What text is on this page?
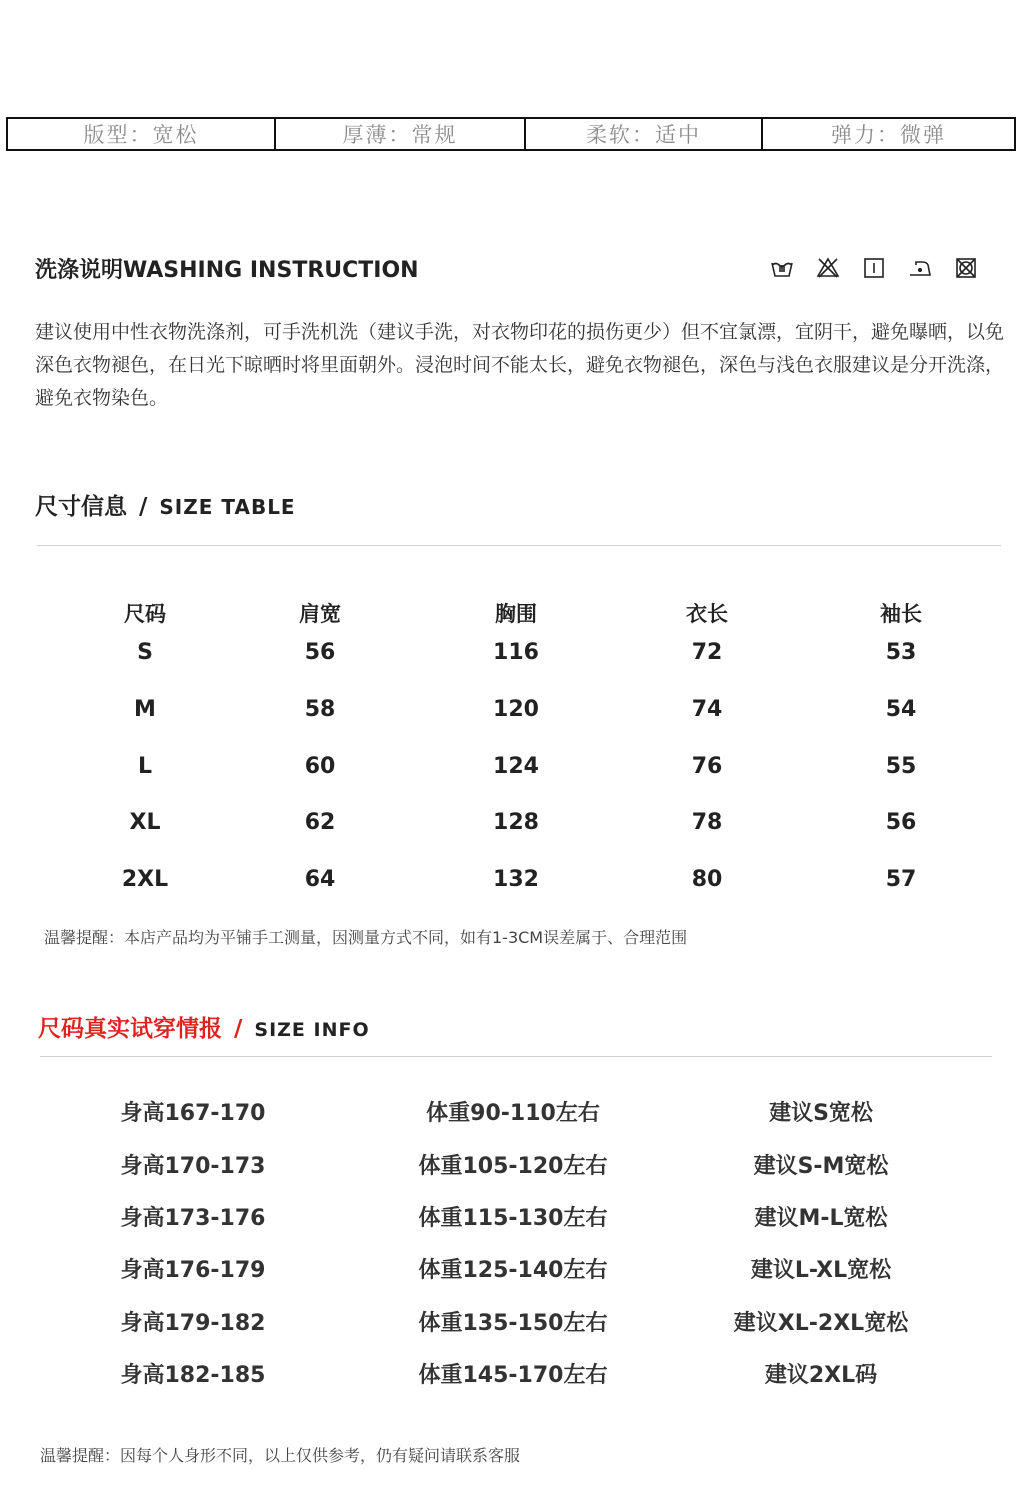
版型：宽松	厚薄：常规	柔软：适中	弹力：微弹
洗涤说明WASHING INSTRUCTION
建议使用中性衣物洗涤剂，可手洗机洗（建议手洗，对衣物印花的损伤更少）但不宜氯漂，宜阴干，避免曝晒，以免深色衣物褪色，在日光下晾晒时将里面朝外。浸泡时间不能太长，避免衣物褪色，深色与浅色衣服建议是分开洗涤，避免衣物染色。
尺寸信息 / SIZE TABLE
尺码	肩宽	胸围	衣长	袖长
S	56	116	72	53
M	58	120	74	54
L	60	124	76	55
XL	62	128	78	56
2XL	64	132	80	57
温馨提醒：本店产品均为平铺手工测量，因测量方式不同，如有1-3CM误差属于、合理范围
尺码真实试穿情报 / SIZE INFO
身高167-170	体重90-110左右	建议S宽松
身高170-173	体重105-120左右	建议S-M宽松
身高173-176	体重115-130左右	建议M-L宽松
身高176-179	体重125-140左右	建议L-XL宽松
身高179-182	体重135-150左右	建议XL-2XL宽松
身高182-185	体重145-170左右	建议2XL码
温馨提醒：因每个人身形不同，以上仅供参考，仍有疑问请联系客服
